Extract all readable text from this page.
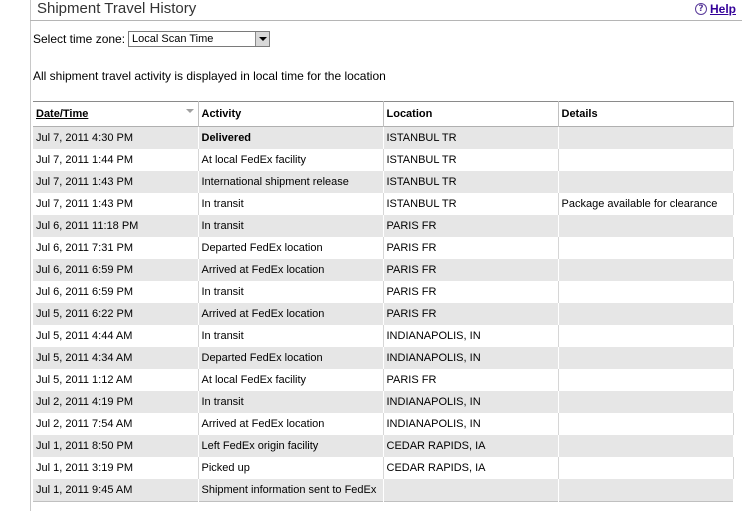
Shipment Travel History	? Help
Select time zone: Local Scan Time
All shipment travel activity is displayed in local time for the location
Date/Time	Activity	Location	Details
Jul 7, 2011 4:30 PM	Delivered	ISTANBUL TR	
Jul 7, 2011 1:44 PM	At local FedEx facility	ISTANBUL TR	
Jul 7, 2011 1:43 PM	International shipment release	ISTANBUL TR	
Jul 7, 2011 1:43 PM	In transit	ISTANBUL TR	Package available for clearance
Jul 6, 2011 11:18 PM	In transit	PARIS FR	
Jul 6, 2011 7:31 PM	Departed FedEx location	PARIS FR	
Jul 6, 2011 6:59 PM	Arrived at FedEx location	PARIS FR	
Jul 6, 2011 6:59 PM	In transit	PARIS FR	
Jul 5, 2011 6:22 PM	Arrived at FedEx location	PARIS FR	
Jul 5, 2011 4:44 AM	In transit	INDIANAPOLIS, IN	
Jul 5, 2011 4:34 AM	Departed FedEx location	INDIANAPOLIS, IN	
Jul 5, 2011 1:12 AM	At local FedEx facility	PARIS FR	
Jul 2, 2011 4:19 PM	In transit	INDIANAPOLIS, IN	
Jul 2, 2011 7:54 AM	Arrived at FedEx location	INDIANAPOLIS, IN	
Jul 1, 2011 8:50 PM	Left FedEx origin facility	CEDAR RAPIDS, IA	
Jul 1, 2011 3:19 PM	Picked up	CEDAR RAPIDS, IA	
Jul 1, 2011 9:45 AM	Shipment information sent to FedEx		
